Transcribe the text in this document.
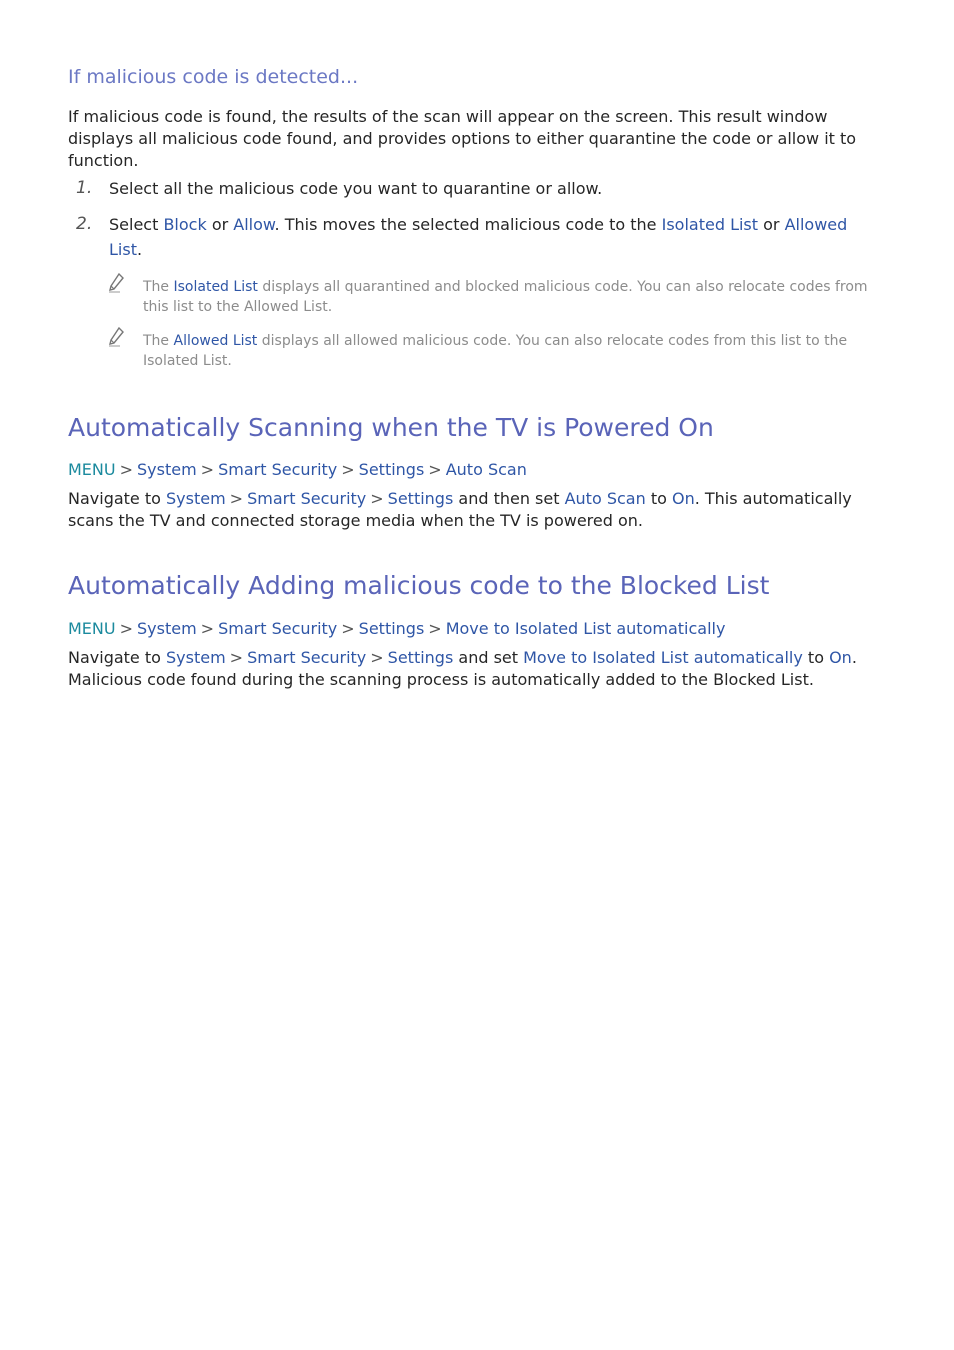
If malicious code is detected...

If malicious code is found, the results of the scan will appear on the screen. This result window displays all malicious code found, and provides options to either quarantine the code or allow it to function.

1. Select all the malicious code you want to quarantine or allow.
2. Select Block or Allow. This moves the selected malicious code to the Isolated List or Allowed List.
The Isolated List displays all quarantined and blocked malicious code. You can also relocate codes from this list to the Allowed List.
The Allowed List displays all allowed malicious code. You can also relocate codes from this list to the Isolated List.
Automatically Scanning when the TV is Powered On
MENU > System > Smart Security > Settings > Auto Scan

Navigate to System > Smart Security > Settings and then set Auto Scan to On. This automatically scans the TV and connected storage media when the TV is powered on.

Automatically Adding malicious code to the Blocked List
MENU > System > Smart Security > Settings > Move to Isolated List automatically

Navigate to System > Smart Security > Settings and set Move to Isolated List automatically to On. Malicious code found during the scanning process is automatically added to the Blocked List.
